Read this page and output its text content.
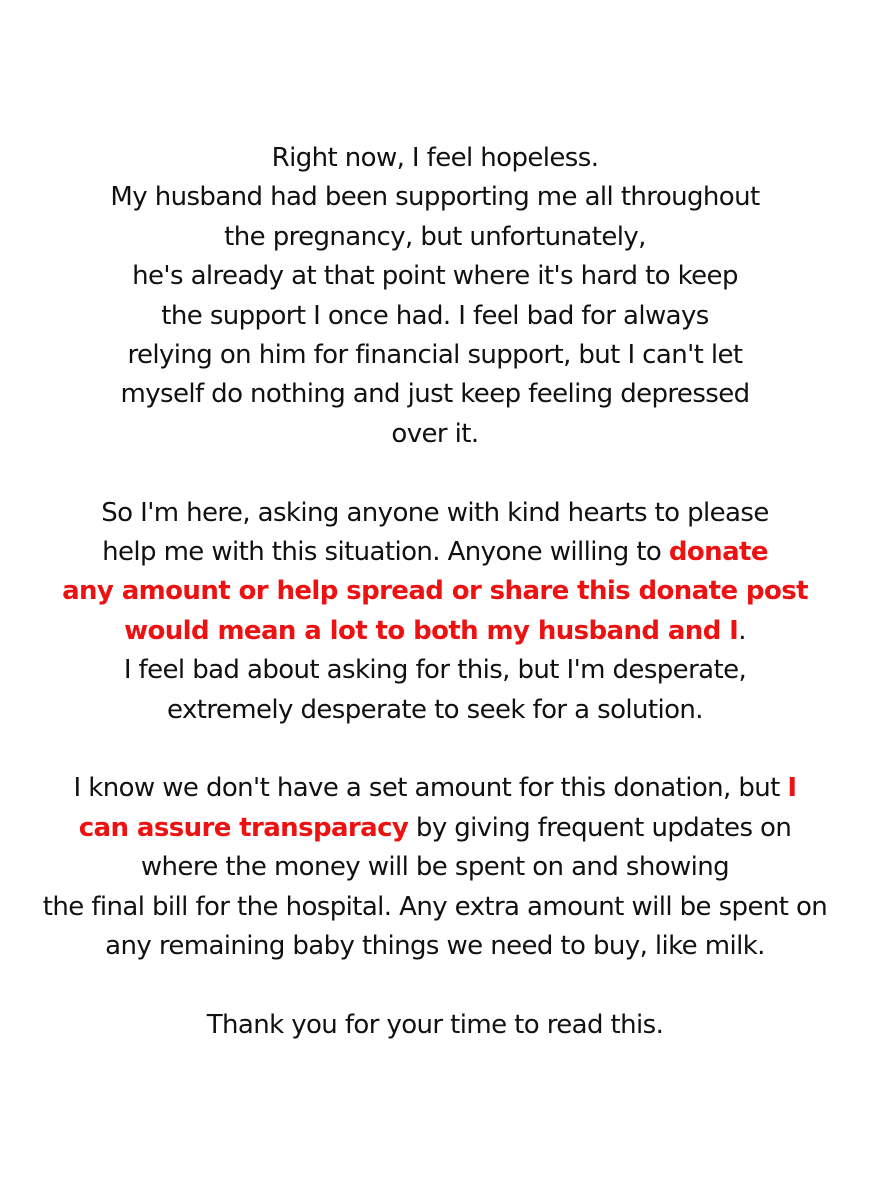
Right now, I feel hopeless.
My husband had been supporting me all throughout
the pregnancy, but unfortunately,
he's already at that point where it's hard to keep
the support I once had. I feel bad for always
relying on him for financial support, but I can't let
myself do nothing and just keep feeling depressed
over it.
So I'm here, asking anyone with kind hearts to please
help me with this situation. Anyone willing to donate
any amount or help spread or share this donate post
would mean a lot to both my husband and I.
I feel bad about asking for this, but I'm desperate,
extremely desperate to seek for a solution.
I know we don't have a set amount for this donation, but I
can assure transparacy by giving frequent updates on
where the money will be spent on and showing
the final bill for the hospital. Any extra amount will be spent on
any remaining baby things we need to buy, like milk.
Thank you for your time to read this.
